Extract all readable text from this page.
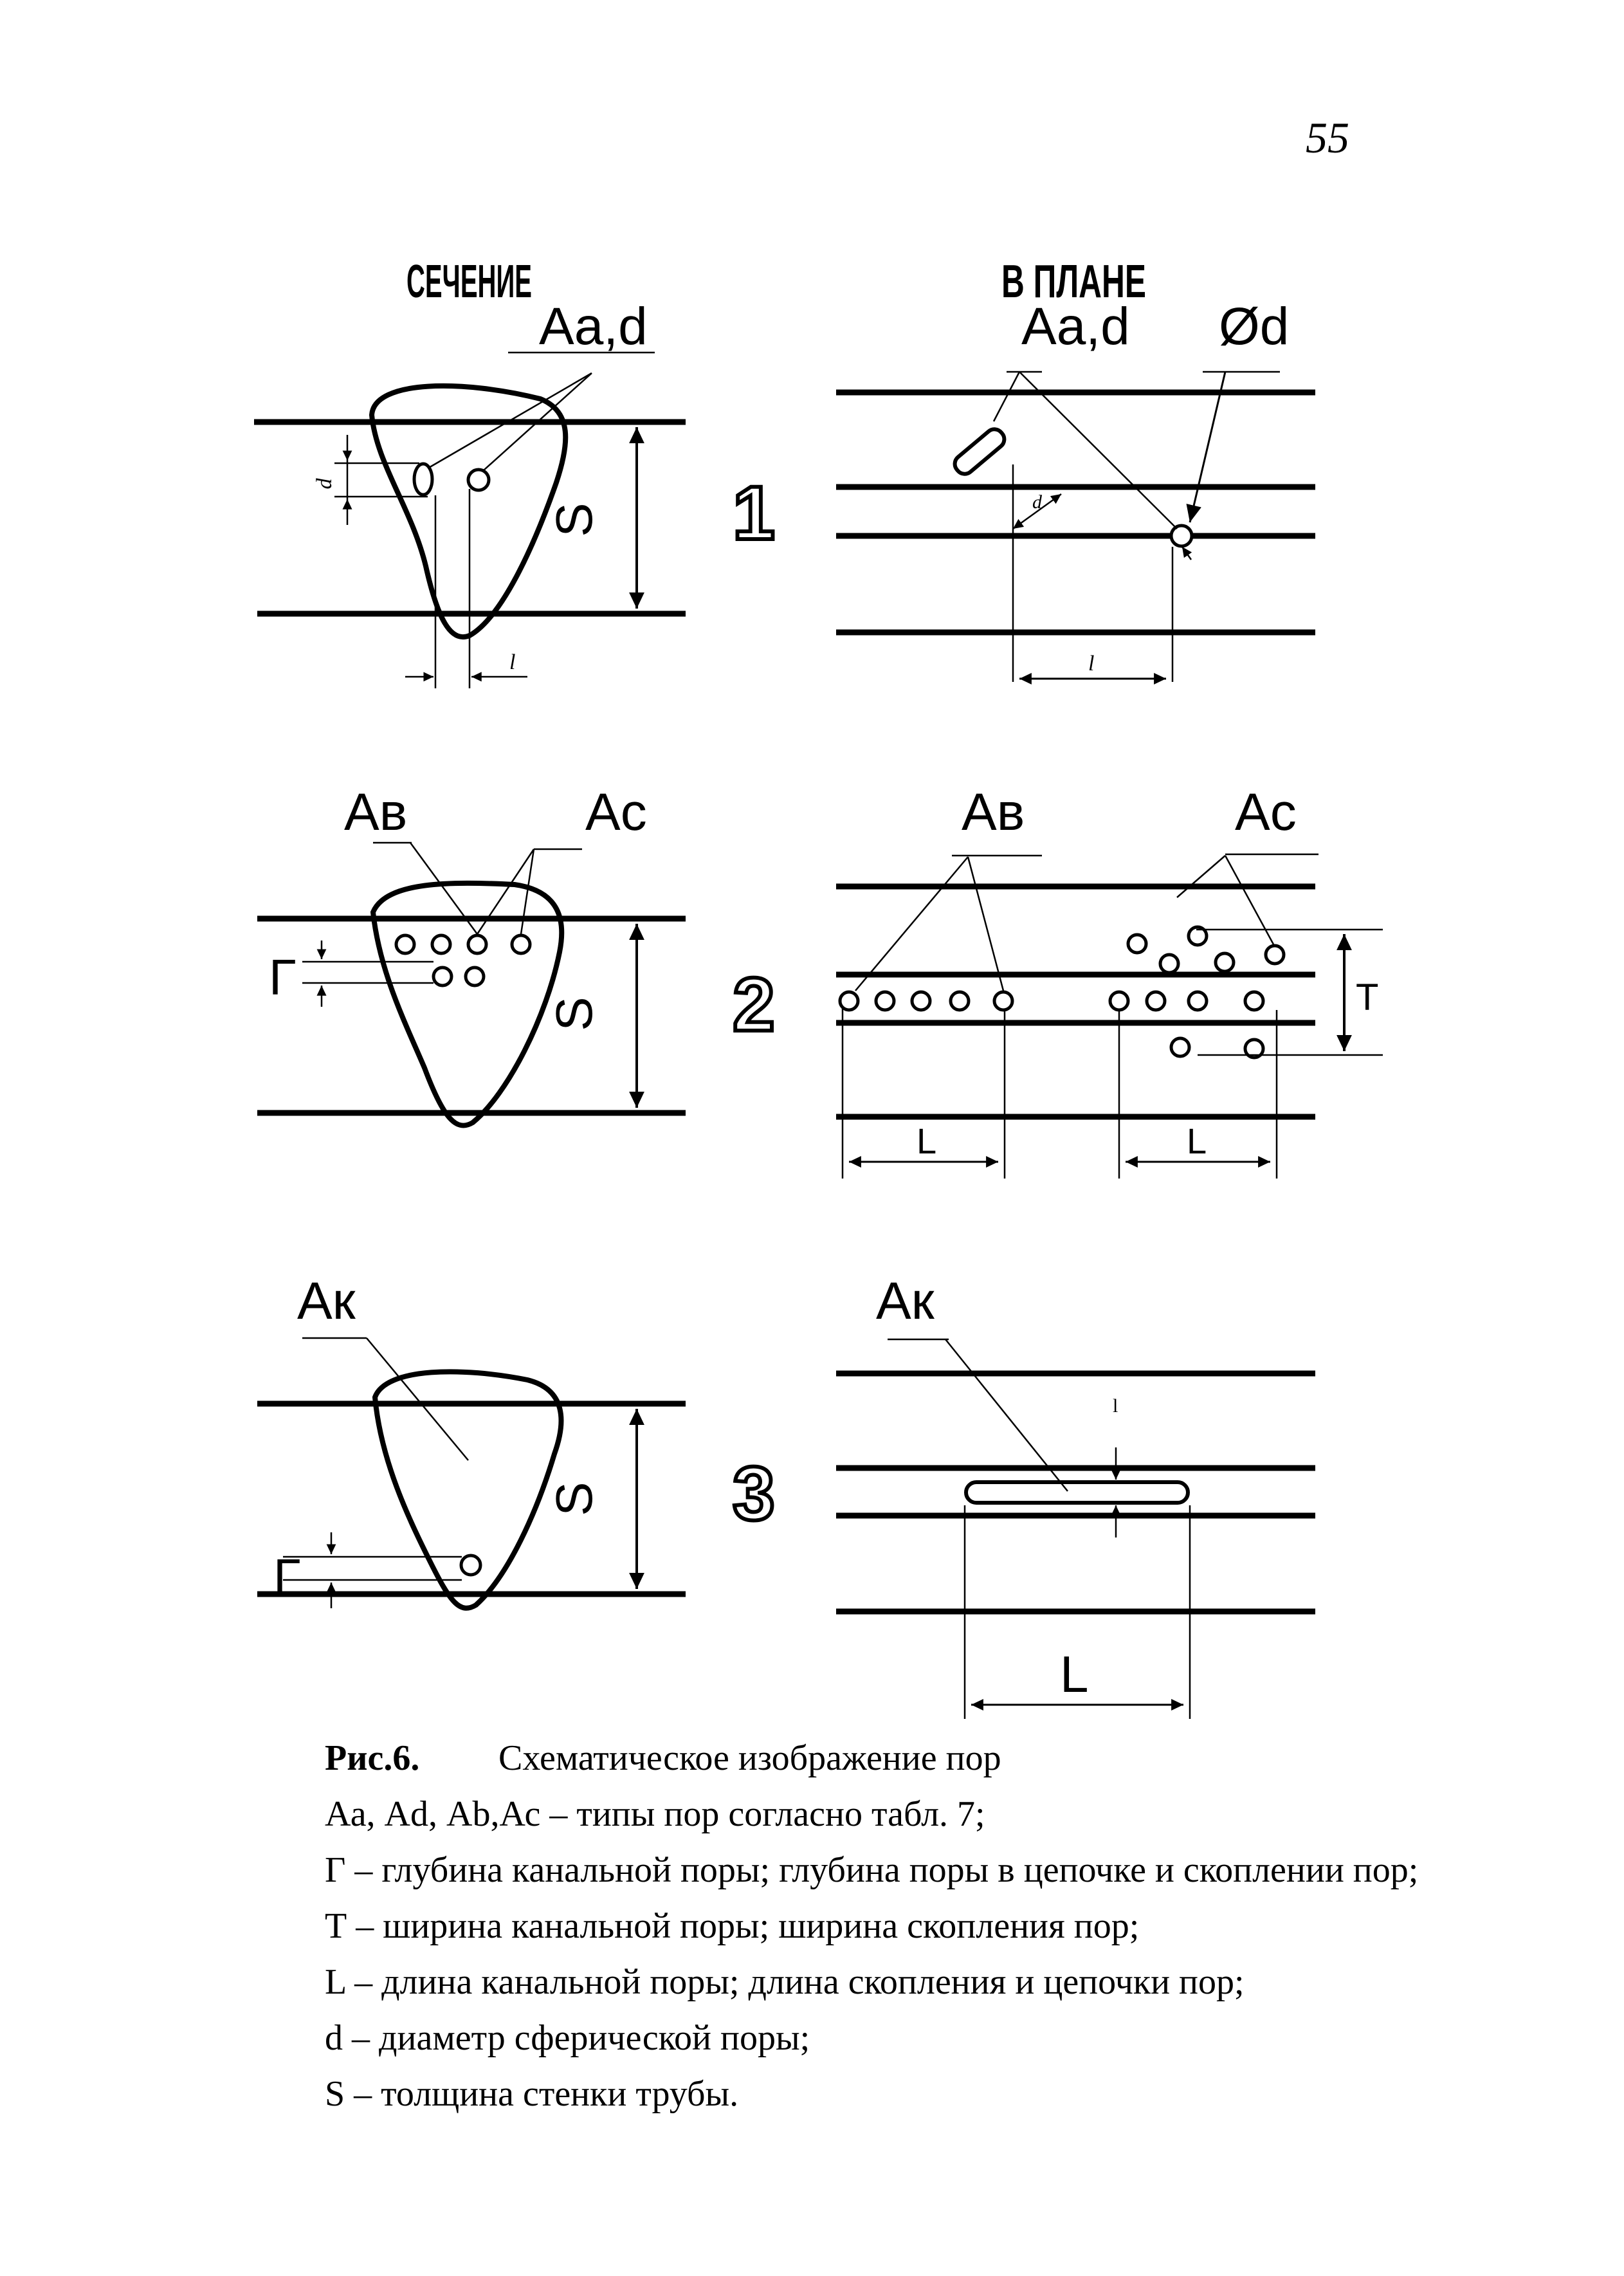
55
СЕЧЕНИЕ	В ПЛАНЕ
Aa,d
d
S
l
1
Aa,d Ød
d
l
Ав	Ас
Г
S 2
Ав	Ас
T
L	L
Ак
Г
S 3
Ак
l
L
Рис.6. Схематическое изображение пор
Аа, Аd, Аb,Ас – типы пор согласно табл. 7;
Г – глубина канальной поры; глубина поры в цепочке и скоплении пор;
Т – ширина канальной поры; ширина скопления пор;
L – длина канальной поры; длина скопления и цепочки пор;
d – диаметр сферической поры;
S – толщина стенки трубы.
